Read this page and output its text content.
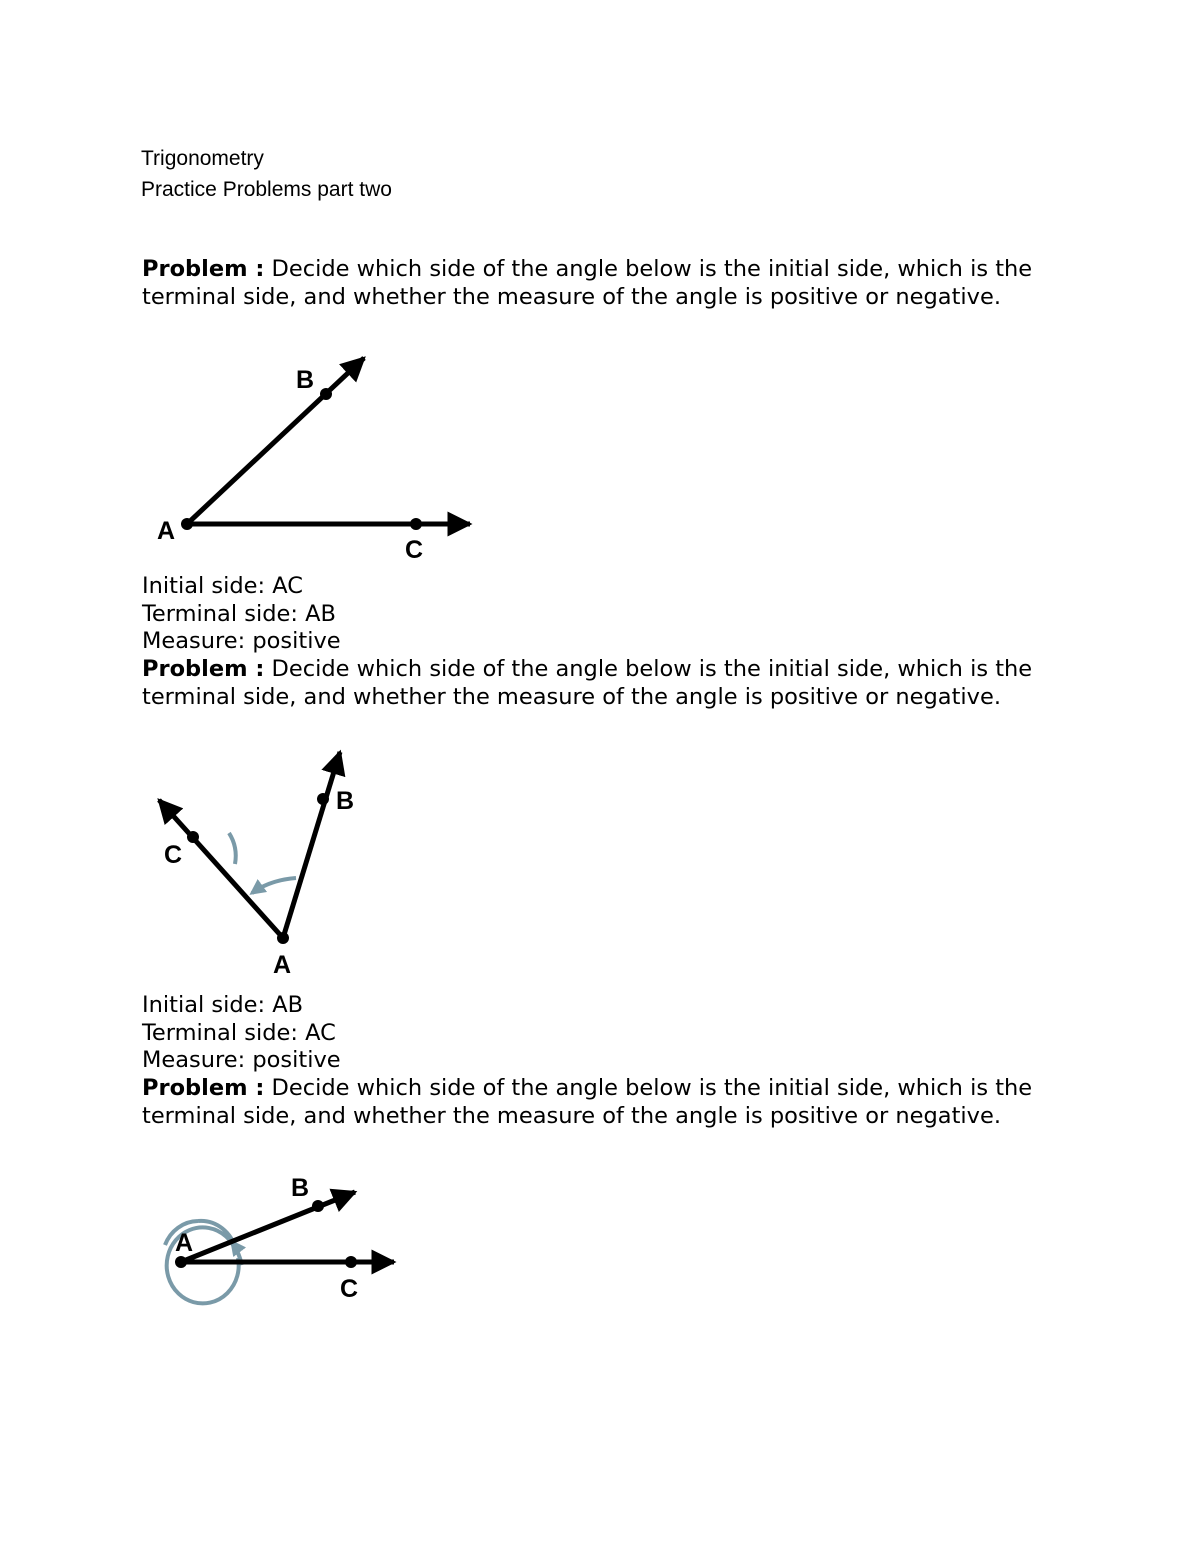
Trigonometry
Practice Problems part two
Problem : Decide which side of the angle below is the initial side, which is the terminal side, and whether the measure of the angle is positive or negative.
A
B
C
Initial side: AC
Terminal side: AB
Measure: positive
Problem : Decide which side of the angle below is the initial side, which is the terminal side, and whether the measure of the angle is positive or negative.
A
B
C
Initial side: AB
Terminal side: AC
Measure: positive
Problem : Decide which side of the angle below is the initial side, which is the terminal side, and whether the measure of the angle is positive or negative.
A
B
C
